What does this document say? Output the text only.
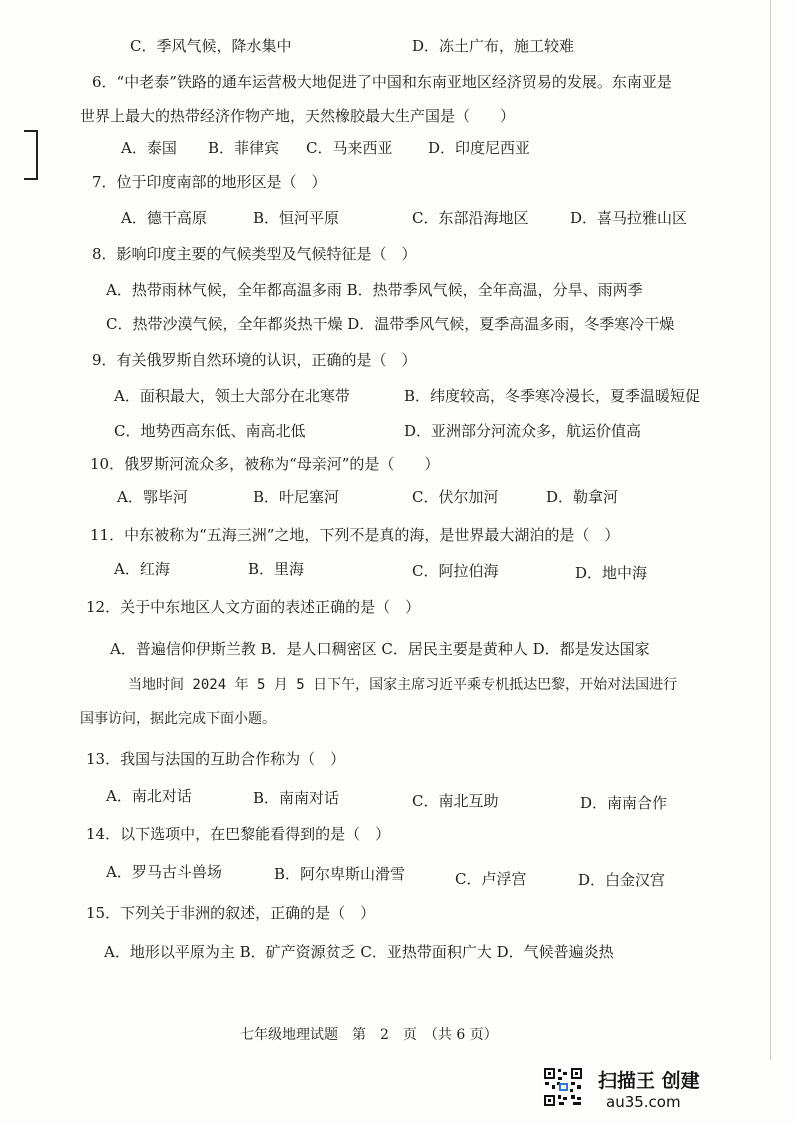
C．季风气候，降水集中	D．冻土广布，施工较难
6．“中老泰”铁路的通车运营极大地促进了中国和东南亚地区经济贸易的发展。东南亚是
世界上最大的热带经济作物产地，天然橡胶最大生产国是（　　）
A．泰国 B．菲律宾 C．马来西亚 D．印度尼西亚
7．位于印度南部的地形区是（　）
A．德干高原	B．恒河平原	C．东部沿海地区	D．喜马拉雅山区
8．影响印度主要的气候类型及气候特征是（　）
A．热带雨林气候，全年都高温多雨 B．热带季风气候，全年高温，分旱、雨两季
C．热带沙漠气候，全年都炎热干燥 D．温带季风气候，夏季高温多雨，冬季寒冷干燥
9．有关俄罗斯自然环境的认识，正确的是（　）
A．面积最大，领土大部分在北寒带	B．纬度较高，冬季寒冷漫长，夏季温暖短促
C．地势西高东低、南高北低	D．亚洲部分河流众多，航运价值高
10．俄罗斯河流众多，被称为“母亲河”的是（　　）
A．鄂毕河	B．叶尼塞河	C．伏尔加河	D．勒拿河
11．中东被称为“五海三洲”之地，下列不是真的海，是世界最大湖泊的是（　）
A．红海	B．里海	C．阿拉伯海	D．地中海
12．关于中东地区人文方面的表述正确的是（　）
A．普遍信仰伊斯兰教 B．是人口稠密区 C．居民主要是黄种人 D．都是发达国家
当地时间 2024 年 5 月 5 日下午，国家主席习近平乘专机抵达巴黎，开始对法国进行
国事访问，据此完成下面小题。
13．我国与法国的互助合作称为（　）
A．南北对话	B．南南对话	C．南北互助	D．南南合作
14．以下选项中，在巴黎能看得到的是（　）
A．罗马古斗兽场	B．阿尔卑斯山滑雪	C．卢浮宫	D．白金汉宫
15．下列关于非洲的叙述，正确的是（　）
A．地形以平原为主 B．矿产资源贫乏 C．亚热带面积广大 D．气候普遍炎热
七年级地理试题　第　2　页　（共 6 页）
扫描王 创建
au35.com
